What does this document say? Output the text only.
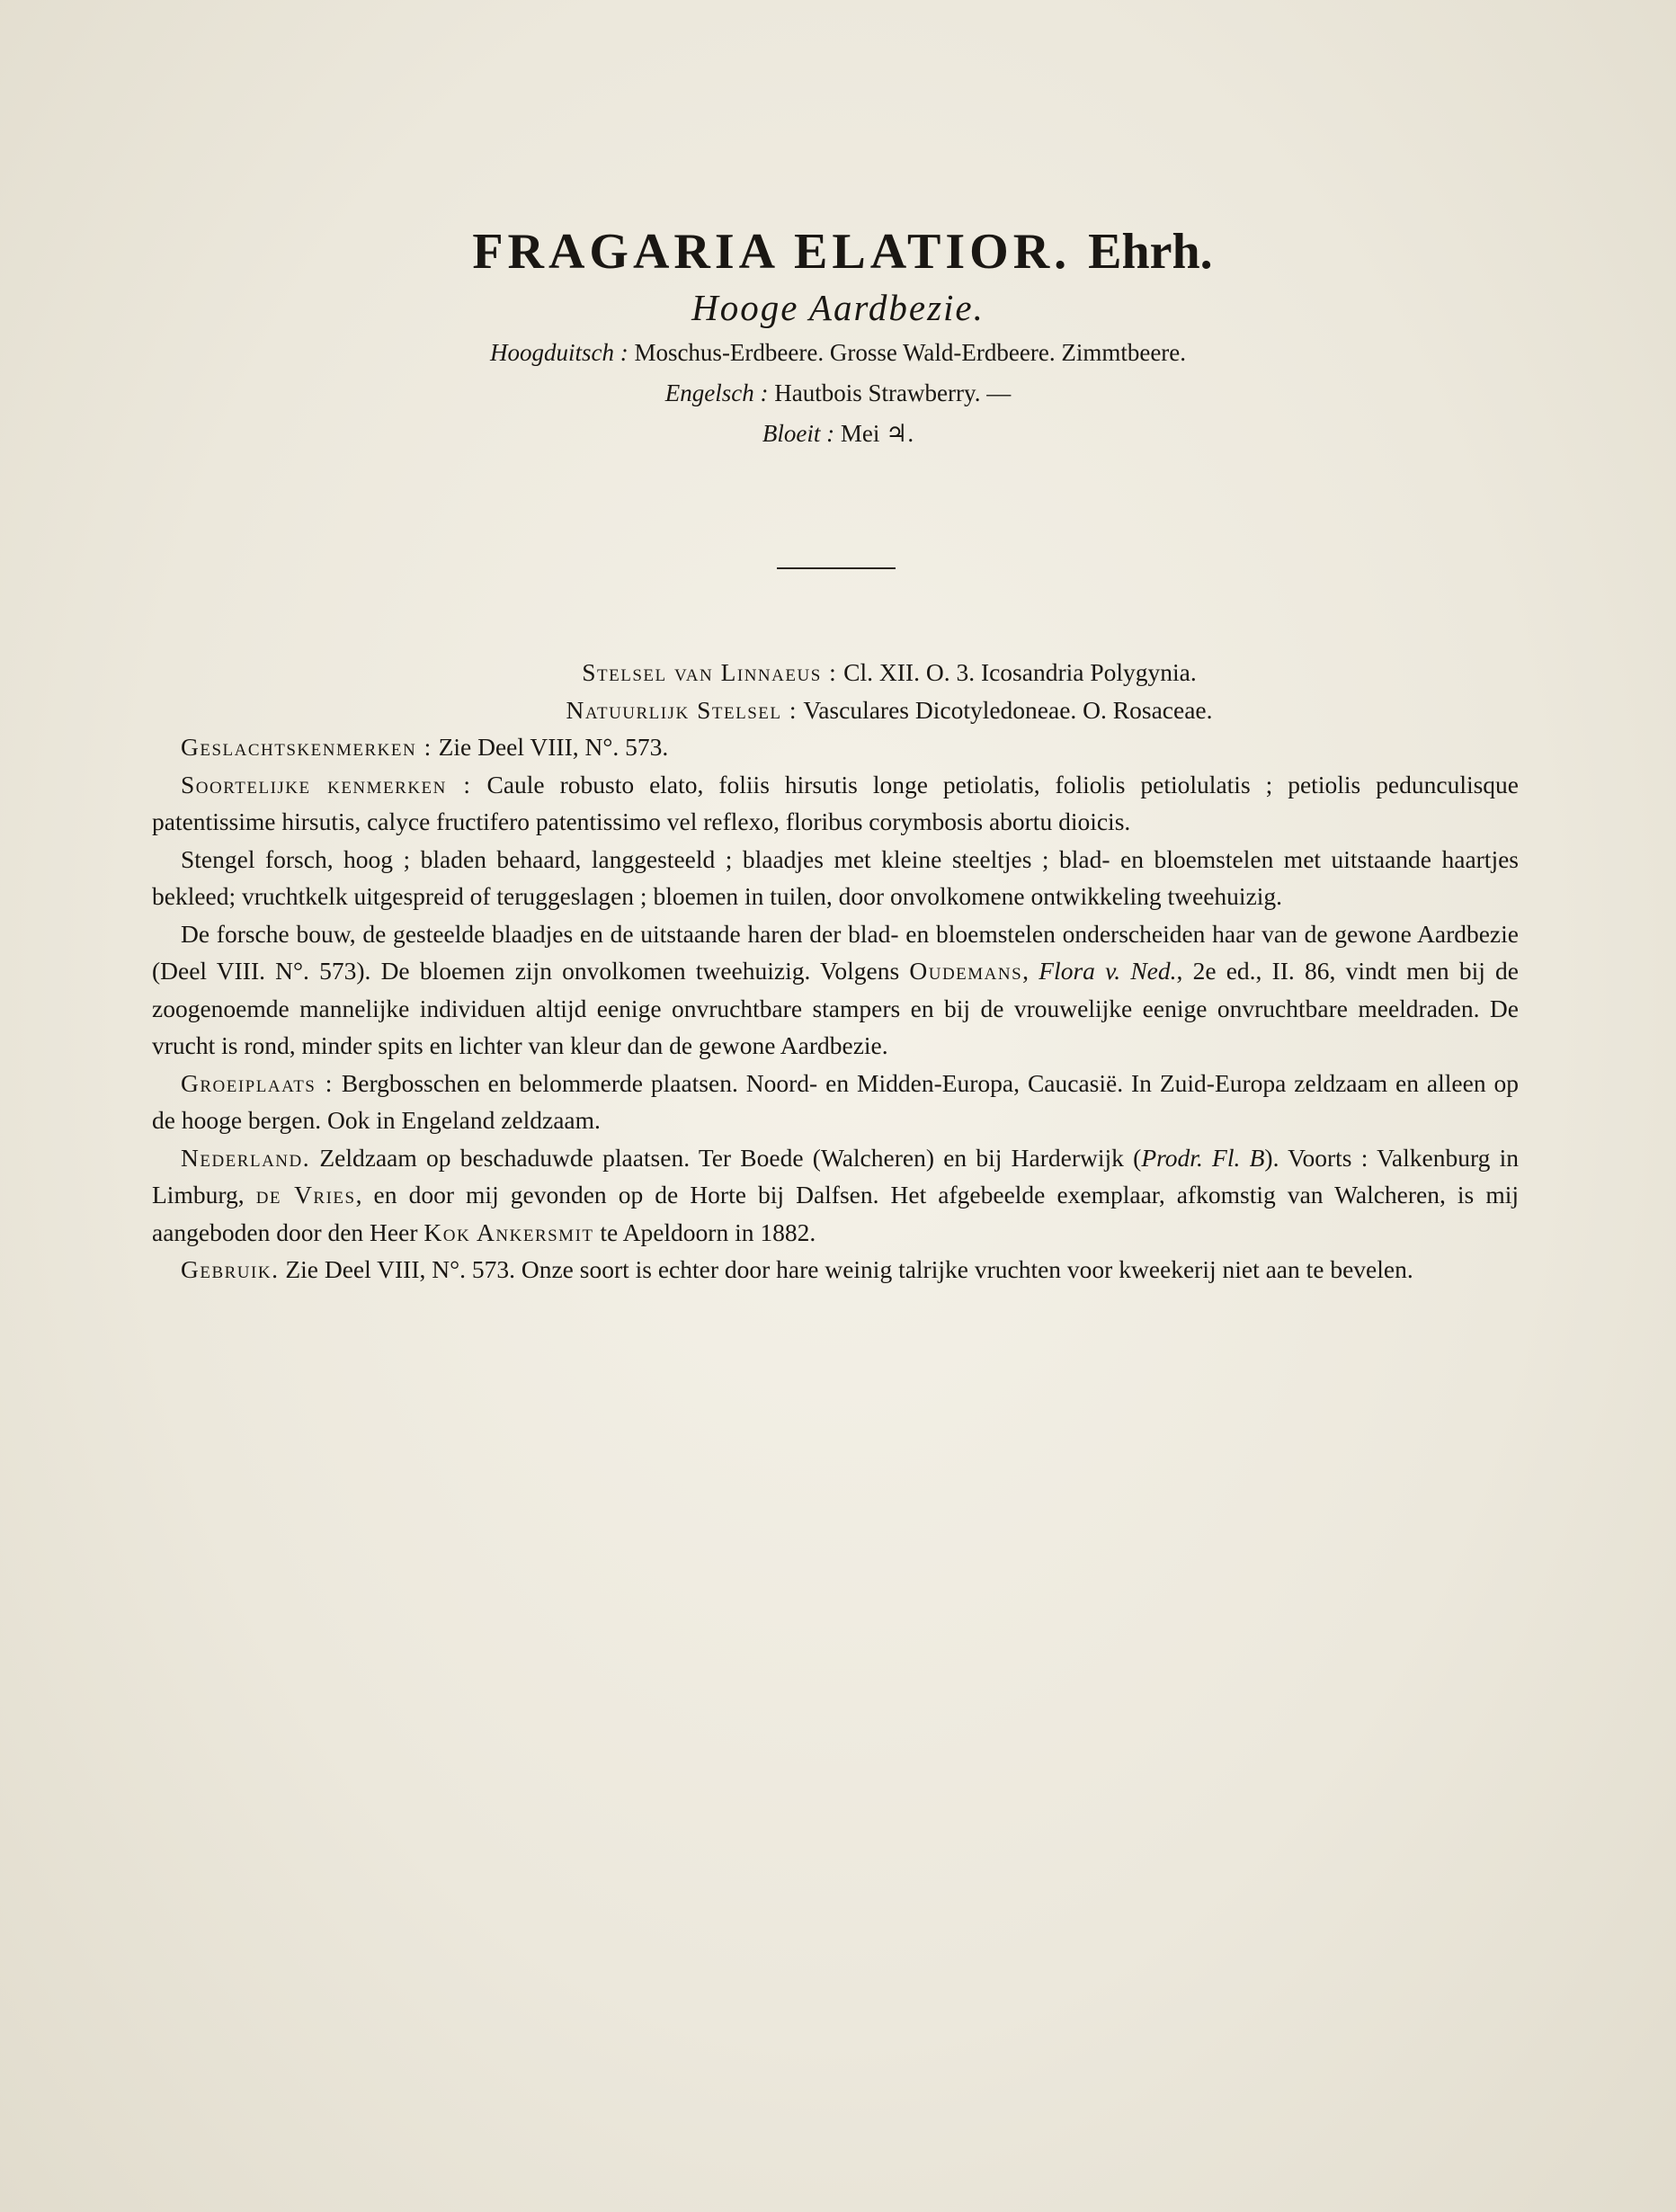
FRAGARIA ELATIOR. Ehrh.
Hooge Aardbezie.
Hoogduitsch : Moschus-Erdbeere. Grosse Wald-Erdbeere. Zimmtbeere.
Engelsch : Hautbois Strawberry. —
Bloeit : Mei ♃.

Stelsel van Linnaeus : Cl. XII. O. 3. Icosandria Polygynia.

Natuurlijk Stelsel : Vasculares Dicotyledoneae. O. Rosaceae.

Geslachtskenmerken : Zie Deel VIII, N°. 573.

Soortelijke kenmerken : Caule robusto elato, foliis hirsutis longe petiolatis, foliolis petiolulatis ; petiolis pedunculisque patentissime hirsutis, calyce fructifero patentissimo vel reflexo, floribus corymbosis abortu dioicis.

Stengel forsch, hoog ; bladen behaard, langgesteeld ; blaadjes met kleine steeltjes ; blad- en bloemstelen met uitstaande haartjes bekleed; vruchtkelk uitgespreid of teruggeslagen ; bloemen in tuilen, door onvolkomene ontwikkeling tweehuizig.

De forsche bouw, de gesteelde blaadjes en de uitstaande haren der blad- en bloemstelen onderscheiden haar van de gewone Aardbezie (Deel VIII. N°. 573). De bloemen zijn onvolkomen tweehuizig. Volgens Oudemans, Flora v. Ned., 2e ed., II. 86, vindt men bij de zoogenoemde mannelijke individuen altijd eenige onvruchtbare stampers en bij de vrouwelijke eenige onvruchtbare meeldraden. De vrucht is rond, minder spits en lichter van kleur dan de gewone Aardbezie.

Groeiplaats : Bergbosschen en belommerde plaatsen. Noord- en Midden-Europa, Caucasië. In Zuid-Europa zeldzaam en alleen op de hooge bergen. Ook in Engeland zeldzaam.

Nederland. Zeldzaam op beschaduwde plaatsen. Ter Boede (Walcheren) en bij Harderwijk (Prodr. Fl. B). Voorts : Valkenburg in Limburg, de Vries, en door mij gevonden op de Horte bij Dalfsen. Het afgebeelde exemplaar, afkomstig van Walcheren, is mij aangeboden door den Heer Kok Ankersmit te Apeldoorn in 1882.

Gebruik. Zie Deel VIII, N°. 573. Onze soort is echter door hare weinig talrijke vruchten voor kweekerij niet aan te bevelen.
